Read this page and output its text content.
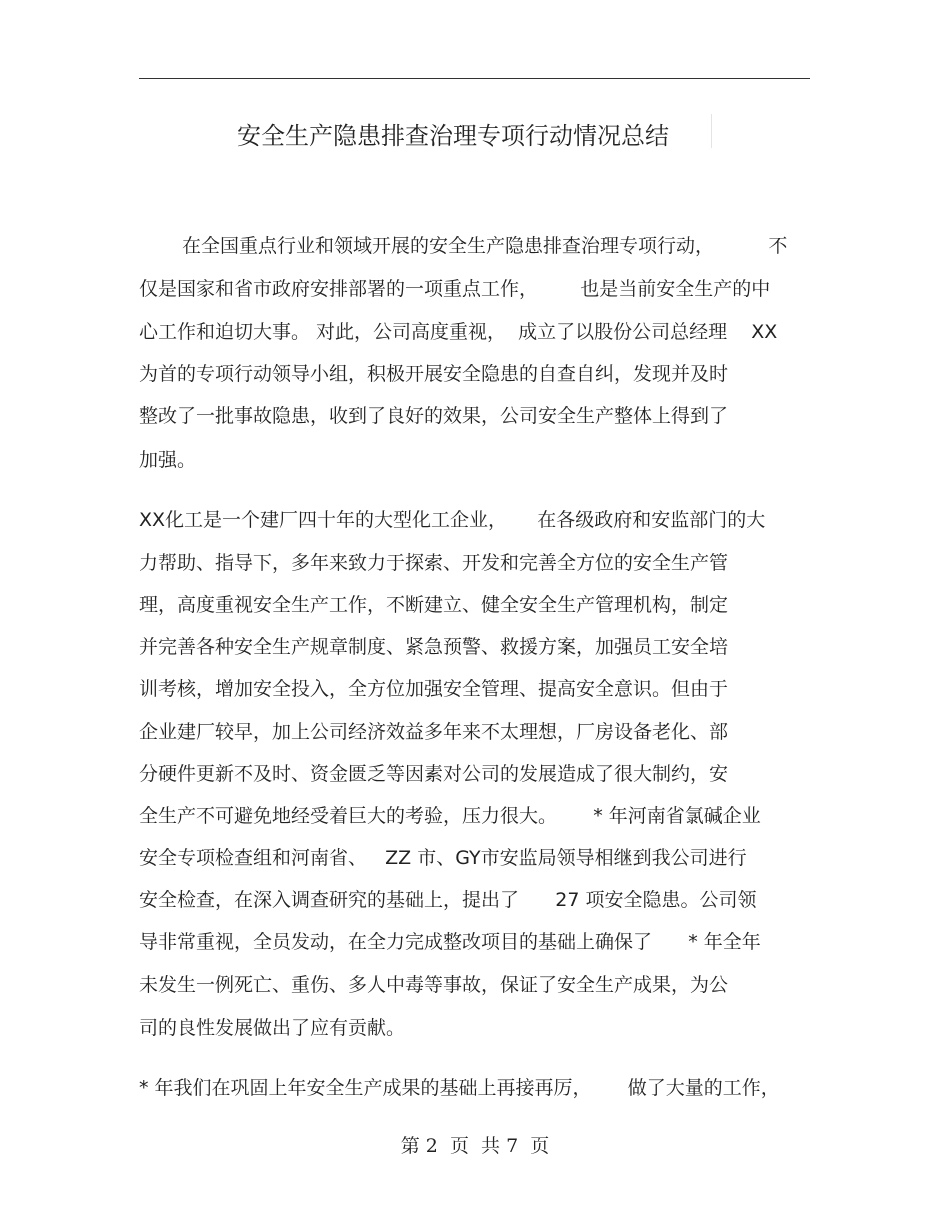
安全生产隐患排查治理专项行动情况总结
在全国重点行业和领域开展的安全生产隐患排查治理专项行动，         不
仅是国家和省市政府安排部署的一项重点工作，       也是当前安全生产的中
心工作和迫切大事。 对此，公司高度重视，  成立了以股份公司总经理    XX
为首的专项行动领导小组，积极开展安全隐患的自查自纠，发现并及时
整改了一批事故隐患，收到了良好的效果，公司安全生产整体上得到了
加强。
XX化工是一个建厂四十年的大型化工企业，     在各级政府和安监部门的大
力帮助、指导下，多年来致力于探索、开发和完善全方位的安全生产管
理，高度重视安全生产工作，不断建立、健全安全生产管理机构，制定
并完善各种安全生产规章制度、紧急预警、救援方案，加强员工安全培
训考核，增加安全投入，全方位加强安全管理、提高安全意识。但由于
企业建厂较早，加上公司经济效益多年来不太理想，厂房设备老化、部
分硬件更新不及时、资金匮乏等因素对公司的发展造成了很大制约，安
全生产不可避免地经受着巨大的考验，压力很大。      * 年河南省氯碱企业
安全专项检查组和河南省、   ZZ 市、GY市安监局领导相继到我公司进行
安全检查，在深入调查研究的基础上，提出了      27 项安全隐患。公司领
导非常重视，全员发动，在全力完成整改项目的基础上确保了      * 年全年
未发生一例死亡、重伤、多人中毒等事故，保证了安全生产成果，为公
司的良性发展做出了应有贡献。
* 年我们在巩固上年安全生产成果的基础上再接再厉，      做了大量的工作，
第 2  页  共 7  页
